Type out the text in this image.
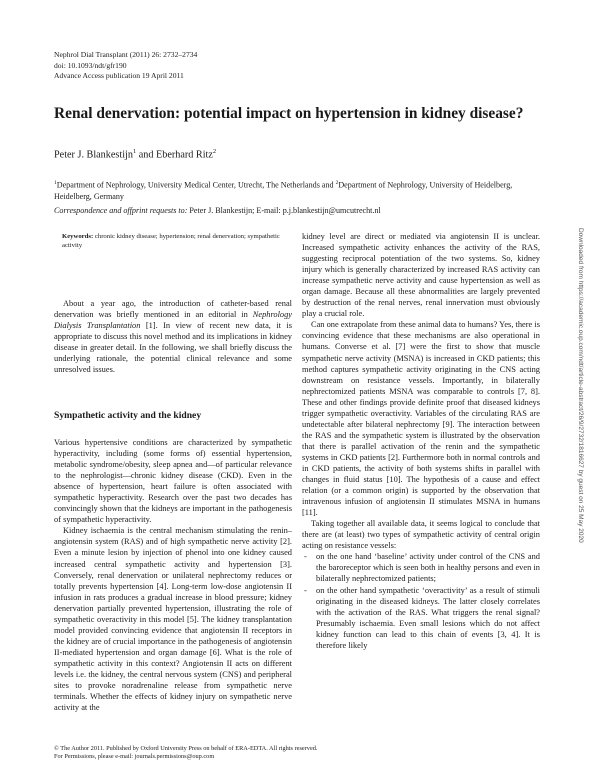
Nephrol Dial Transplant (2011) 26: 2732–2734
doi: 10.1093/ndt/gfr190
Advance Access publication 19 April 2011
Renal denervation: potential impact on hypertension in kidney disease?
Peter J. Blankestijn$^1$ and Eberhard Ritz$^2$
$^1$Department of Nephrology, University Medical Center, Utrecht, The Netherlands and $^2$Department of Nephrology, University of Heidelberg, Heidelberg, Germany
Correspondence and offprint requests to: Peter J. Blankestijn; E-mail: p.j.blankestijn@umcutrecht.nl
Keywords: chronic kidney disease; hypertension; renal denervation; sympathetic activity

About a year ago, the introduction of catheter-based renal denervation was briefly mentioned in an editorial in Nephrology Dialysis Transplantation [1]. In view of recent new data, it is appropriate to discuss this novel method and its implications in kidney disease in greater detail. In the following, we shall briefly discuss the underlying rationale, the potential clinical relevance and some unresolved issues.

Sympathetic activity and the kidney

Various hypertensive conditions are characterized by sympathetic hyperactivity, including (some forms of) essential hypertension, metabolic syndrome/obesity, sleep apnea and—of particular relevance to the nephrologist—chronic kidney disease (CKD). Even in the absence of hypertension, heart failure is often associated with sympathetic hyperactivity. Research over the past two decades has convincingly shown that the kidneys are important in the pathogenesis of sympathetic hyperactivity.

Kidney ischaemia is the central mechanism stimulating the renin–angiotensin system (RAS) and of high sympathetic nerve activity [2]. Even a minute lesion by injection of phenol into one kidney caused increased central sympathetic activity and hypertension [3]. Conversely, renal denervation or unilateral nephrectomy reduces or totally prevents hypertension [4]. Long-term low-dose angiotensin II infusion in rats produces a gradual increase in blood pressure; kidney denervation partially prevented hypertension, illustrating the role of sympathetic overactivity in this model [5]. The kidney transplantation model provided convincing evidence that angiotensin II receptors in the kidney are of crucial importance in the pathogenesis of angiotensin II-mediated hypertension and organ damage [6]. What is the role of sympathetic activity in this context? Angiotensin II acts on different levels i.e. the kidney, the central nervous system (CNS) and peripheral sites to provoke noradrenaline release from sympathetic nerve terminals. Whether the effects of kidney injury on sympathetic nerve activity at the

kidney level are direct or mediated via angiotensin II is unclear. Increased sympathetic activity enhances the activity of the RAS, suggesting reciprocal potentiation of the two systems. So, kidney injury which is generally characterized by increased RAS activity can increase sympathetic nerve activity and cause hypertension as well as organ damage. Because all these abnormalities are largely prevented by destruction of the renal nerves, renal innervation must obviously play a crucial role.

Can one extrapolate from these animal data to humans? Yes, there is convincing evidence that these mechanisms are also operational in humans. Converse et al. [7] were the first to show that muscle sympathetic nerve activity (MSNA) is increased in CKD patients; this method captures sympathetic activity originating in the CNS acting downstream on resistance vessels. Importantly, in bilaterally nephrectomized patients MSNA was comparable to controls [7, 8]. These and other findings provide definite proof that diseased kidneys trigger sympathetic overactivity. Variables of the circulating RAS are undetectable after bilateral nephrectomy [9]. The interaction between the RAS and the sympathetic system is illustrated by the observation that there is parallel activation of the renin and the sympathetic systems in CKD patients [2]. Furthermore both in normal controls and in CKD patients, the activity of both systems shifts in parallel with changes in fluid status [10]. The hypothesis of a cause and effect relation (or a common origin) is supported by the observation that intravenous infusion of angiotensin II stimulates MSNA in humans [11].

Taking together all available data, it seems logical to conclude that there are (at least) two types of sympathetic activity of central origin acting on resistance vessels:

- on the one hand ‘baseline’ activity under control of the CNS and the baroreceptor which is seen both in healthy persons and even in bilaterally nephrectomized patients;
- on the other hand sympathetic ‘overactivity’ as a result of stimuli originating in the diseased kidneys. The latter closely correlates with the activation of the RAS. What triggers the renal signal? Presumably ischaemia. Even small lesions which do not affect kidney function can lead to this chain of events [3, 4]. It is therefore likely
© The Author 2011. Published by Oxford University Press on behalf of ERA-EDTA. All rights reserved.
For Permissions, please e-mail: journals.permissions@oup.com
Downloaded from https://academic.oup.com/ndt/article-abstract/26/9/2732/1816627 by guest on 25 May 2020
